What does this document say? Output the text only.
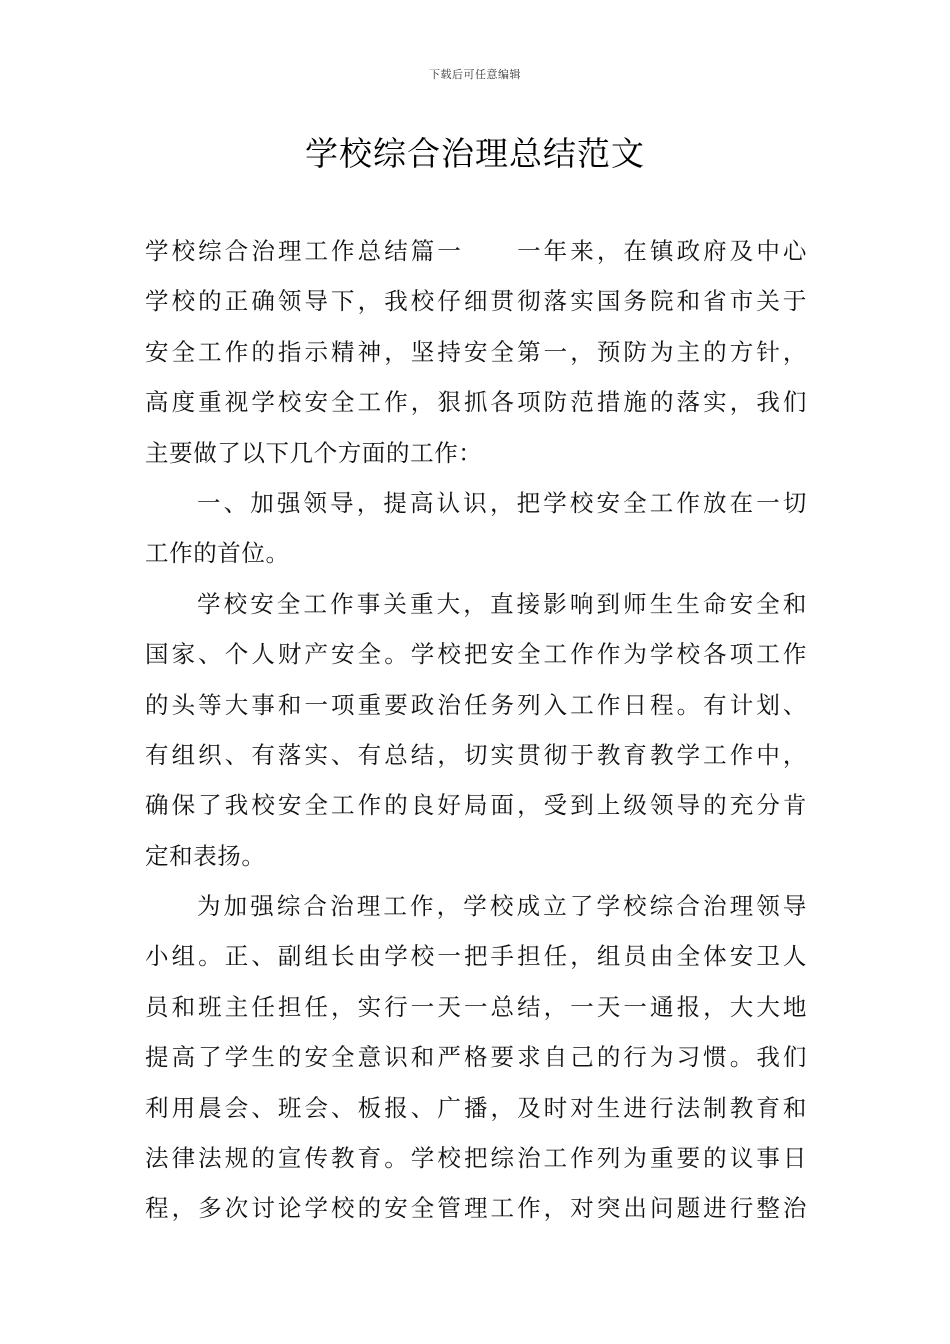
下载后可任意编辑
学校综合治理总结范文
学校综合治理工作总结篇一　　一年来，在镇政府及中心
学校的正确领导下，我校仔细贯彻落实国务院和省市关于
安全工作的指示精神，坚持安全第一，预防为主的方针，
高度重视学校安全工作，狠抓各项防范措施的落实，我们
主要做了以下几个方面的工作：
一、加强领导，提高认识，把学校安全工作放在一切
工作的首位。
学校安全工作事关重大，直接影响到师生生命安全和
国家、个人财产安全。学校把安全工作作为学校各项工作
的头等大事和一项重要政治任务列入工作日程。有计划、
有组织、有落实、有总结，切实贯彻于教育教学工作中，
确保了我校安全工作的良好局面，受到上级领导的充分肯
定和表扬。
为加强综合治理工作，学校成立了学校综合治理领导
小组。正、副组长由学校一把手担任，组员由全体安卫人
员和班主任担任，实行一天一总结，一天一通报，大大地
提高了学生的安全意识和严格要求自己的行为习惯。我们
利用晨会、班会、板报、广播，及时对生进行法制教育和
法律法规的宣传教育。学校把综治工作列为重要的议事日
程，多次讨论学校的安全管理工作，对突出问题进行整治
